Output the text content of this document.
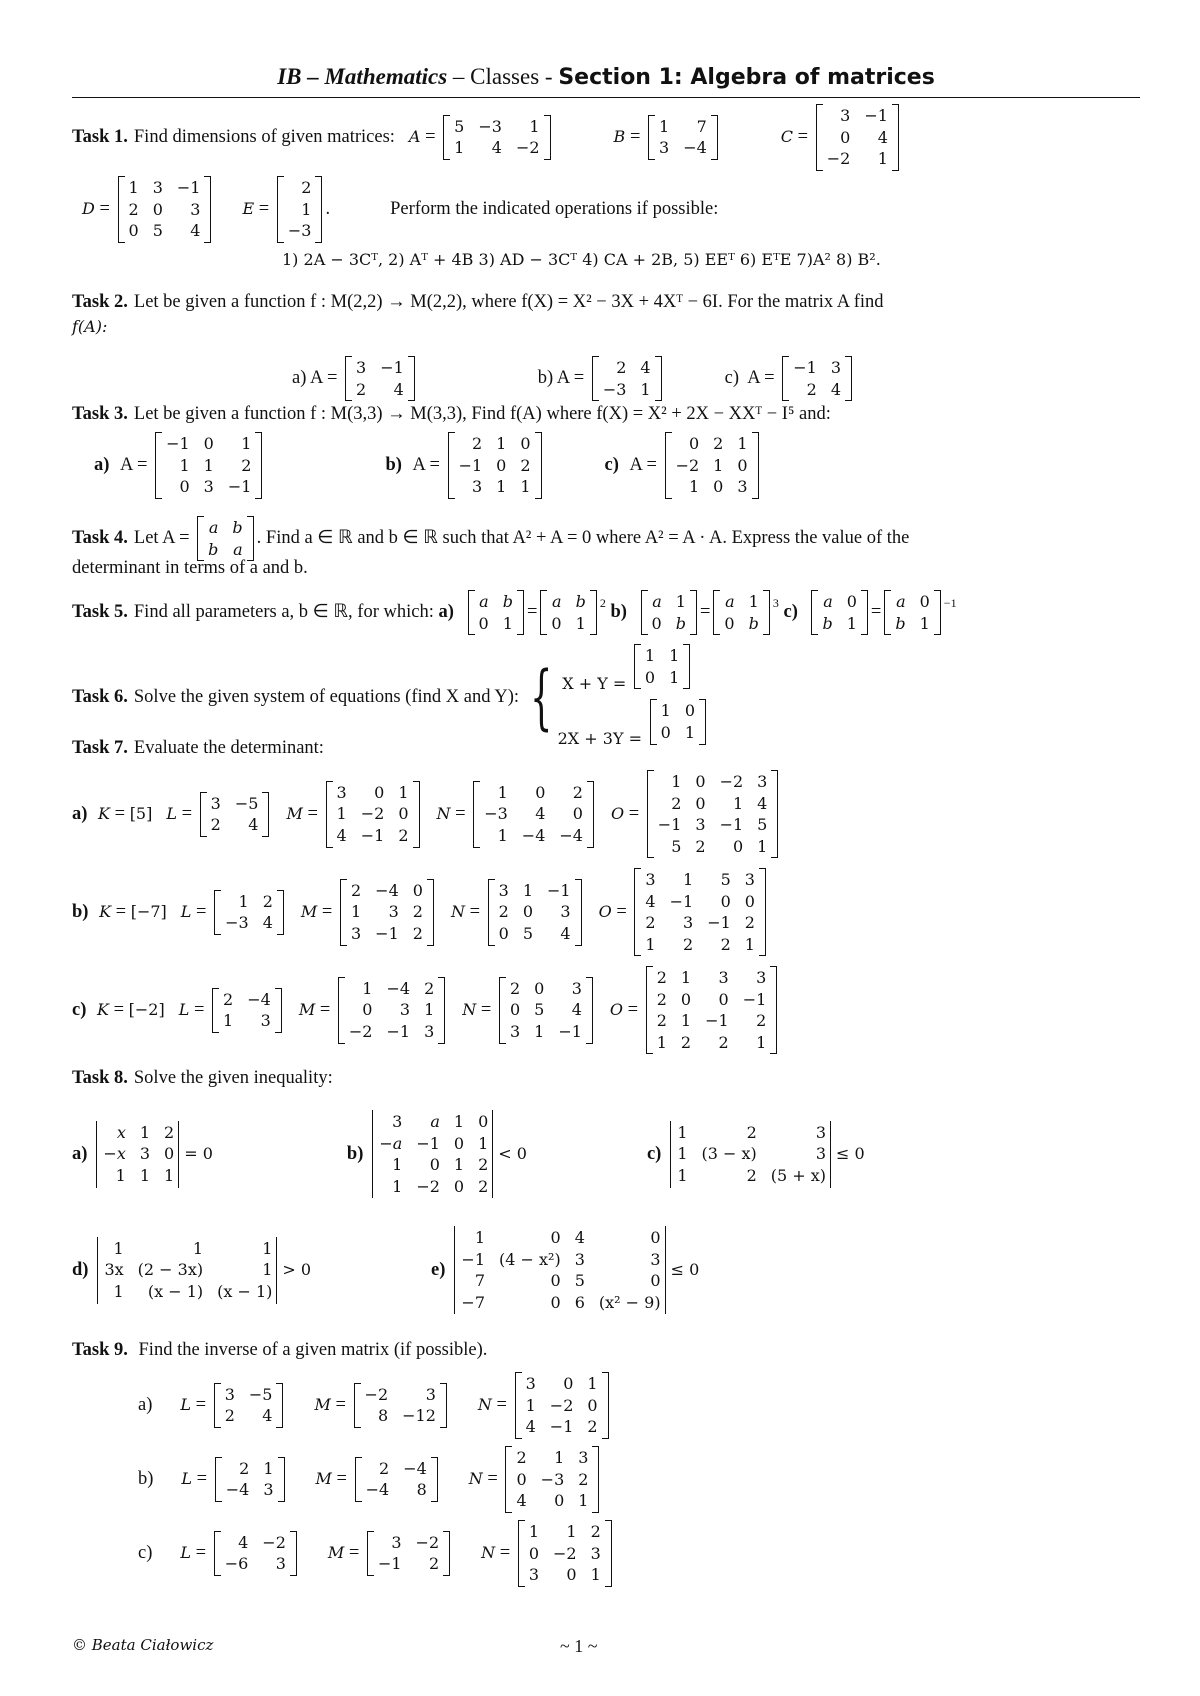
IB – Mathematics – Classes - Section 1: Algebra of matrices
Task 1. Find dimensions of given matrices: A =
5 −3	1
1	4 −2
B =
1	7
3 −4
C =
3 −1
0	4
−2	1
D =
1 3 −1
2 0	3
0 5	4
E =
2
1
−3
.	Perform the indicated operations if possible:
1) 2A − 3Cᵀ, 2) Aᵀ + 4B 3) AD − 3Cᵀ 4) CA + 2B, 5) EEᵀ 6) EᵀE 7)A² 8) B².
Task 2. Let be given a function f : M(2,2) → M(2,2), where f(X) = X² − 3X + 4Xᵀ − 6I. For the matrix A find
f(A):
a) A =
3 −1
2	4
b) A =
2 4
−3 1
c)  A =
−1 3
2 4
Task 3. Let be given a function f : M(3,3) → M(3,3), Find f(A) where f(X) = X² + 2X − XXᵀ − I⁵ and:
a) A =
−1 0	1
1 1	2
0 3 −1
b) A =
2 1 0
−1 0 2
3 1 1
c) A =
0 2 1
−2 1 0
1 0 3
Task 4. Let A =

a b
b a
. Find a ∈ ℝ and b ∈ ℝ such that A² + A = 0 where A² = A · A. Express the value of the
determinant in terms of a and b.
Task 5. Find all parameters a, b ∈ ℝ, for which:
a)

a b
0 1
=
a b
0 1
2
b)

a 1
0 b
=
a 1
0 b
3
c)

a 0
b 1
=
a 0
b 1
−1
Task 6. Solve the given system of equations (find X and Y): { X + Y =
1 1
0 1
2X + 3Y =
1 0
0 1
Task 7. Evaluate the determinant:
a)
K = [5] L =
3 −5
2	4
M =
3	0 1
1 −2 0
4 −1 2
N =
1	0	2
−3	4	0
1 −4 −4
O =
1 0 −2 3
2 0	1 4
−1 3 −1 5
5 2	0 1
b)
K = [−7] L =
1 2
−3 4
M =
2 −4 0
1	3 2
3 −1 2
N =
3 1 −1
2 0	3
0 5	4
O =
3	1	5 3
4 −1	0 0
2	3 −1 2
1	2	2 1
c)
K = [−2] L =
2 −4
1	3
M =
1 −4 2
0	3 1
−2 −1 3
N =
2 0	3
0 5	4
3 1 −1
O =
2 1	3	3
2 0	0 −1
2 1 −1	2
1 2	2	1
Task 8. Solve the given inequality:
a)
x 1 2
−x 3 0
1 1 1
= 0	b)
3	a 1 0
−a −1 0 1
1	0 1 2
1 −2 0 2
< 0	c)
1	2	3
1 (3 − x)	3
1	2 (5 + x)
≤ 0
d)
1	1	1
3x (2 − 3x)	1
1	(x − 1) (x − 1)
> 0	e)
1	0 4	0
−1 (4 − x²) 3	3
7	0 5	0
−7	0 6 (x² − 9)
≤ 0
Task 9.
Find the inverse of a given matrix (if possible).
a) L =
3 −5
2	4
M =
−2	3
8 −12
N =
3	0 1
1 −2 0
4 −1 2
b) L =
2 1
−4 3
M =
2 −4
−4	8
N =
2	1 3
0 −3 2
4	0 1
c) L =
4 −2
−6	3
M =
3 −2
−1	2
N =
1	1 2
0 −2 3
3	0 1
© Beata Ciałowicz	~ 1 ~
